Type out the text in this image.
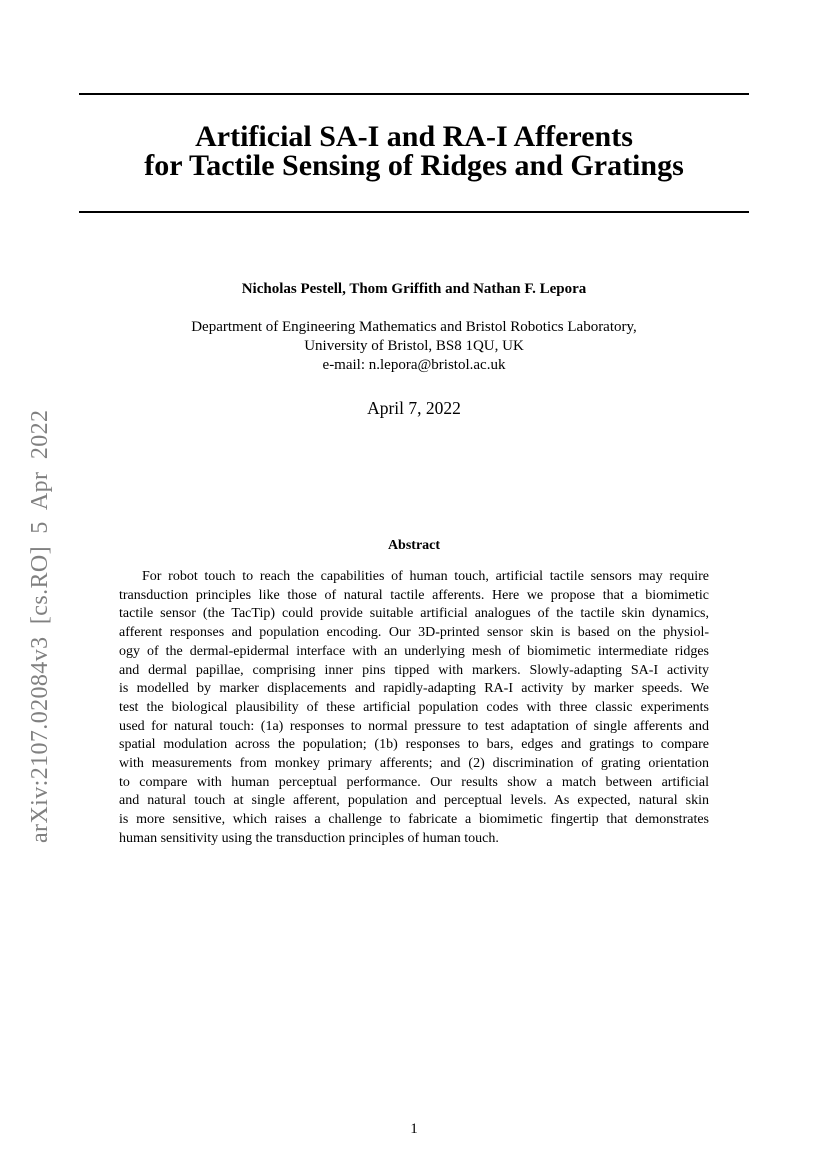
Artificial SA-I and RA-I Afferents
for Tactile Sensing of Ridges and Gratings
Nicholas Pestell, Thom Griffith and Nathan F. Lepora
Department of Engineering Mathematics and Bristol Robotics Laboratory,
University of Bristol, BS8 1QU, UK
e-mail: n.lepora@bristol.ac.uk
April 7, 2022
Abstract
For robot touch to reach the capabilities of human touch, artificial tactile sensors may require
transduction principles like those of natural tactile afferents. Here we propose that a biomimetic
tactile sensor (the TacTip) could provide suitable artificial analogues of the tactile skin dynamics,
afferent responses and population encoding. Our 3D-printed sensor skin is based on the physiol-
ogy of the dermal-epidermal interface with an underlying mesh of biomimetic intermediate ridges
and dermal papillae, comprising inner pins tipped with markers. Slowly-adapting SA-I activity
is modelled by marker displacements and rapidly-adapting RA-I activity by marker speeds. We
test the biological plausibility of these artificial population codes with three classic experiments
used for natural touch: (1a) responses to normal pressure to test adaptation of single afferents and
spatial modulation across the population; (1b) responses to bars, edges and gratings to compare
with measurements from monkey primary afferents; and (2) discrimination of grating orientation
to compare with human perceptual performance. Our results show a match between artificial
and natural touch at single afferent, population and perceptual levels. As expected, natural skin
is more sensitive, which raises a challenge to fabricate a biomimetic fingertip that demonstrates
human sensitivity using the transduction principles of human touch.
arXiv:2107.02084v3 [cs.RO] 5 Apr 2022
1
